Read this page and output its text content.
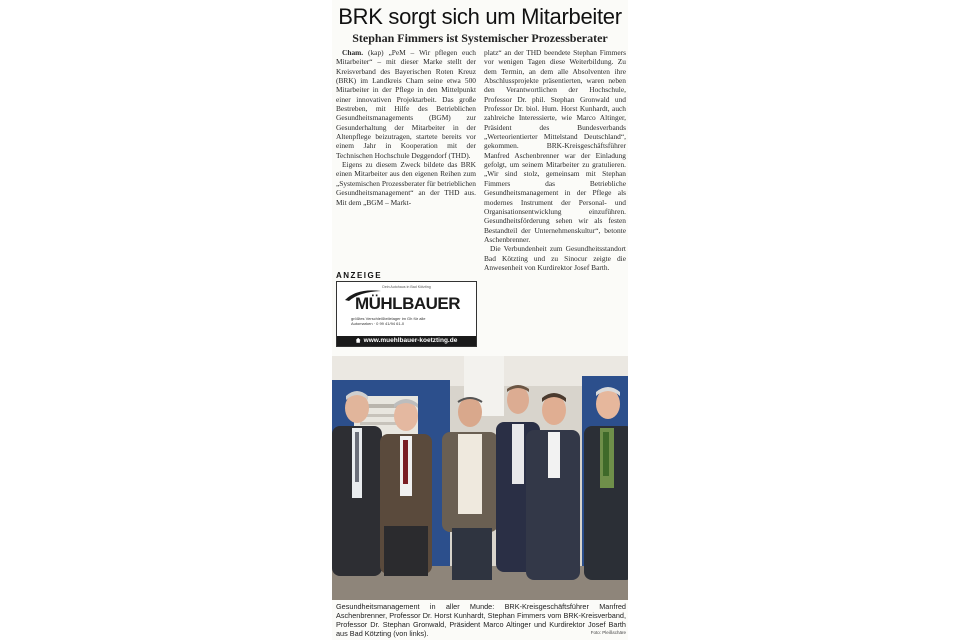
BRK sorgt sich um Mitarbeiter
Stephan Fimmers ist Systemischer Prozessberater

Cham. (kap) „PeM – Wir pflegen euch Mitarbeiter“ – mit dieser Marke stellt der Kreisverband des Bayerischen Roten Kreuz (BRK) im Landkreis Cham seine etwa 500 Mitarbeiter in der Pflege in den Mittelpunkt einer innovativen Projektarbeit. Das große Bestreben, mit Hilfe des Betrieblichen Gesundheitsmanagements (BGM) zur Gesunderhaltung der Mitarbeiter in der Altenpflege beizutragen, startete bereits vor einem Jahr in Kooperation mit der Technischen Hochschule Deggendorf (THD).

Eigens zu diesem Zweck bildete das BRK einen Mitarbeiter aus den eigenen Reihen zum „Systemischen Prozessberater für betrieblichen Gesundheitsmanagement“ an der THD aus. Mit dem „BGM – Markt-

platz“ an der THD beendete Stephan Fimmers vor wenigen Tagen diese Weiterbildung. Zu dem Termin, an dem alle Absolventen ihre Abschlussprojekte präsentierten, waren neben den Verantwortlichen der Hochschule, Professor Dr. phil. Stephan Gronwald und Professor Dr. biol. Hum. Horst Kunhardt, auch zahlreiche Interessierte, wie Marco Altinger, Präsident des Bundesverbands „Werteorientierter Mittelstand Deutschland“, gekommen. BRK-Kreisgeschäftsführer Manfred Aschenbrenner war der Einladung gefolgt, um seinem Mitarbeiter zu gratulieren. „Wir sind stolz, gemeinsam mit Stephan Fimmers das Betriebliche Gesundheitsmanagement in der Pflege als modernes Instrument der Personal- und Organisationsentwicklung einzuführen. Gesundheitsförderung sehen wir als festen Bestandteil der Unternehmenskultur“, betonte Aschenbrenner.

Die Verbundenheit zum Gesundheitsstandort Bad Kötzting und zu Sinocur zeigte die Anwesenheit von Kurdirektor Josef Barth.

ANZEIGE
Dein Autohaus in Bad Kötzting
MÜHLBAUER
größtes Verschleißteilelager im Gh für alle Automarken · 0 99 41/94 61-0
www.muehlbauer-koetzting.de
Gesundheitsmanagement in aller Munde: BRK-Kreisgeschäftsführer Manfred Aschenbrenner, Professor Dr. Horst Kunhardt, Stephan Fimmers vom BRK-Kreisverband, Professor Dr. Stephan Gronwald, Präsident Marco Altinger und Kurdirektor Josef Barth aus Bad Kötzting (von links).	Foto: Pleißschäre
